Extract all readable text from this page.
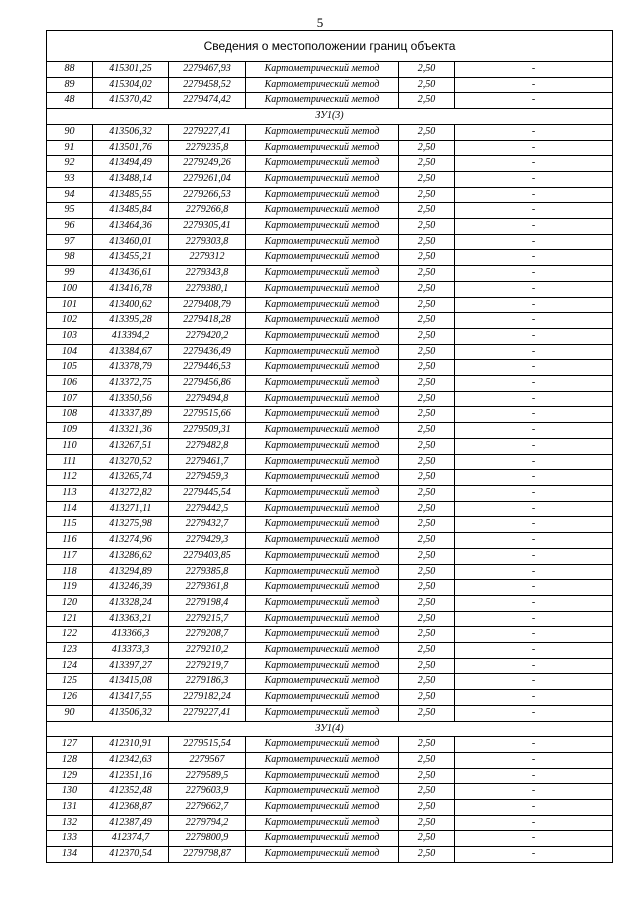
5
Сведения о местоположении границ объекта					
88	415301,25	2279467,93	Картометрический метод	2,50	-
89	415304,02	2279458,52	Картометрический метод	2,50	-
48	415370,42	2279474,42	Картометрический метод	2,50	-
ЗУ1(3)					
90	413506,32	2279227,41	Картометрический метод	2,50	-
91	413501,76	2279235,8	Картометрический метод	2,50	-
92	413494,49	2279249,26	Картометрический метод	2,50	-
93	413488,14	2279261,04	Картометрический метод	2,50	-
94	413485,55	2279266,53	Картометрический метод	2,50	-
95	413485,84	2279266,8	Картометрический метод	2,50	-
96	413464,36	2279305,41	Картометрический метод	2,50	-
97	413460,01	2279303,8	Картометрический метод	2,50	-
98	413455,21	2279312	Картометрический метод	2,50	-
99	413436,61	2279343,8	Картометрический метод	2,50	-
100	413416,78	2279380,1	Картометрический метод	2,50	-
101	413400,62	2279408,79	Картометрический метод	2,50	-
102	413395,28	2279418,28	Картометрический метод	2,50	-
103	413394,2	2279420,2	Картометрический метод	2,50	-
104	413384,67	2279436,49	Картометрический метод	2,50	-
105	413378,79	2279446,53	Картометрический метод	2,50	-
106	413372,75	2279456,86	Картометрический метод	2,50	-
107	413350,56	2279494,8	Картометрический метод	2,50	-
108	413337,89	2279515,66	Картометрический метод	2,50	-
109	413321,36	2279509,31	Картометрический метод	2,50	-
110	413267,51	2279482,8	Картометрический метод	2,50	-
111	413270,52	2279461,7	Картометрический метод	2,50	-
112	413265,74	2279459,3	Картометрический метод	2,50	-
113	413272,82	2279445,54	Картометрический метод	2,50	-
114	413271,11	2279442,5	Картометрический метод	2,50	-
115	413275,98	2279432,7	Картометрический метод	2,50	-
116	413274,96	2279429,3	Картометрический метод	2,50	-
117	413286,62	2279403,85	Картометрический метод	2,50	-
118	413294,89	2279385,8	Картометрический метод	2,50	-
119	413246,39	2279361,8	Картометрический метод	2,50	-
120	413328,24	2279198,4	Картометрический метод	2,50	-
121	413363,21	2279215,7	Картометрический метод	2,50	-
122	413366,3	2279208,7	Картометрический метод	2,50	-
123	413373,3	2279210,2	Картометрический метод	2,50	-
124	413397,27	2279219,7	Картометрический метод	2,50	-
125	413415,08	2279186,3	Картометрический метод	2,50	-
126	413417,55	2279182,24	Картометрический метод	2,50	-
90	413506,32	2279227,41	Картометрический метод	2,50	-
ЗУ1(4)					
127	412310,91	2279515,54	Картометрический метод	2,50	-
128	412342,63	2279567	Картометрический метод	2,50	-
129	412351,16	2279589,5	Картометрический метод	2,50	-
130	412352,48	2279603,9	Картометрический метод	2,50	-
131	412368,87	2279662,7	Картометрический метод	2,50	-
132	412387,49	2279794,2	Картометрический метод	2,50	-
133	412374,7	2279800,9	Картометрический метод	2,50	-
134	412370,54	2279798,87	Картометрический метод	2,50	-
